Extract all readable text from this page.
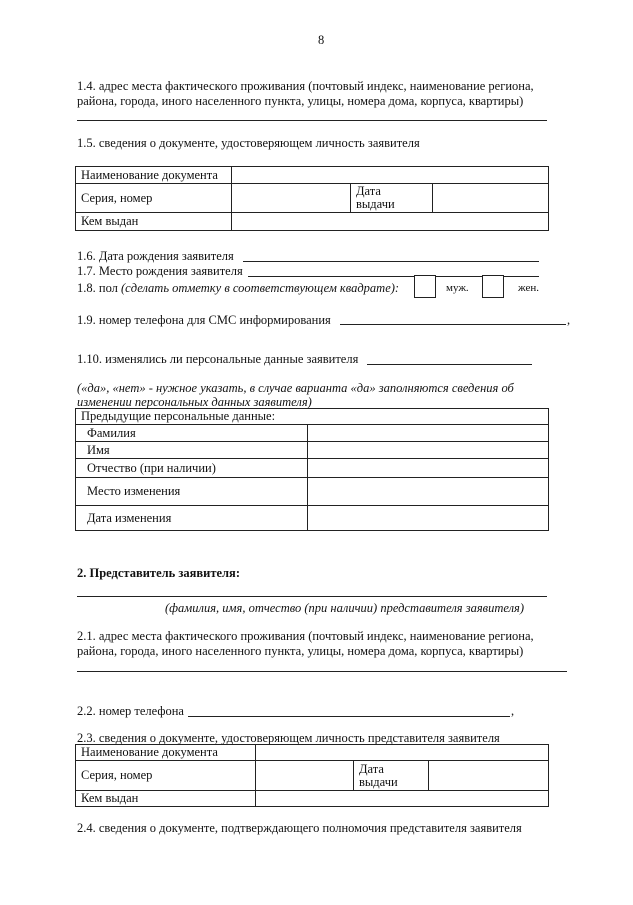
8
1.4. адрес места фактического проживания (почтовый индекс, наименование региона,
района, города, иного населенного пункта, улицы, номера дома, корпуса, квартиры)
1.5. сведения о документе, удостоверяющем личность заявителя
Наименование документа			
Серия, номер		Дата
выдачи	
Кем выдан			
1.6. Дата рождения заявителя
1.7. Место рождения заявителя
1.8. пол (сделать отметку в соответствующем квадрате):	муж.	жен.
1.9. номер телефона для СМС информирования	,
1.10. изменялись ли персональные данные заявителя
(«да», «нет» - нужное указать, в случае варианта «да» заполняются сведения об
изменении персональных данных заявителя)
Предыдущие персональные данные:	
Фамилия	
Имя	
Отчество (при наличии)	
Место изменения	
Дата изменения	
2. Представитель заявителя:
(фамилия, имя, отчество (при наличии) представителя заявителя)
2.1. адрес места фактического проживания (почтовый индекс, наименование региона,
района, города, иного населенного пункта, улицы, номера дома, корпуса, квартиры)
2.2. номер телефона	,
2.3. сведения о документе, удостоверяющем личность представителя заявителя
Наименование документа			
Серия, номер		Дата
выдачи	
Кем выдан			
2.4. сведения о документе, подтверждающего полномочия представителя заявителя
